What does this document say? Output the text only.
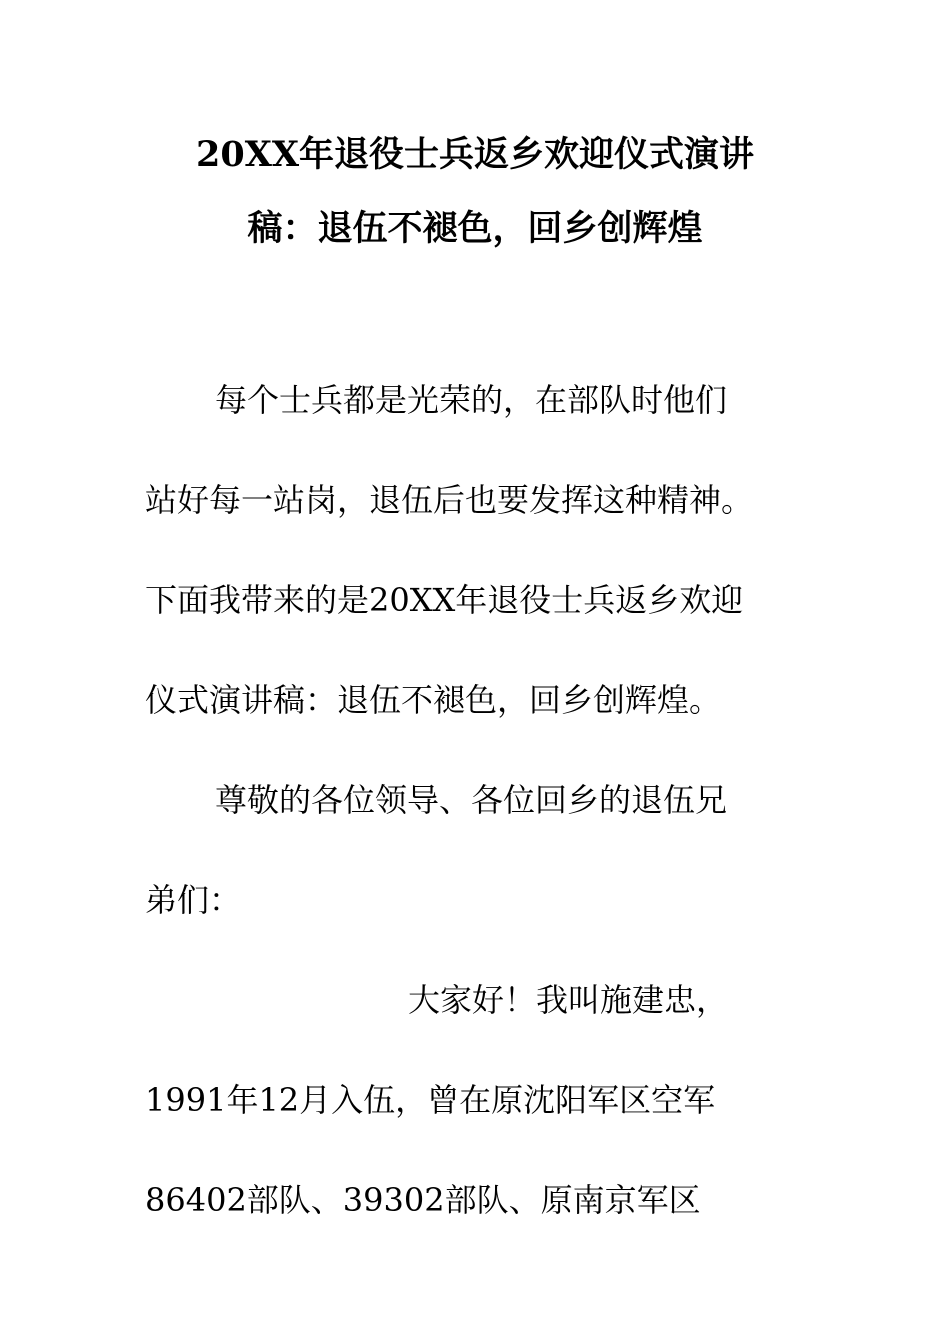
20XX年退役士兵返乡欢迎仪式演讲
稿：退伍不褪色，回乡创辉煌
每个士兵都是光荣的，在部队时他们
站好每一站岗，退伍后也要发挥这种精神。
下面我带来的是20XX年退役士兵返乡欢迎
仪式演讲稿：退伍不褪色，回乡创辉煌。
尊敬的各位领导、各位回乡的退伍兄
弟们：
大家好！我叫施建忠，
1991年12月入伍，曾在原沈阳军区空军
86402部队、39302部队、原南京军区
